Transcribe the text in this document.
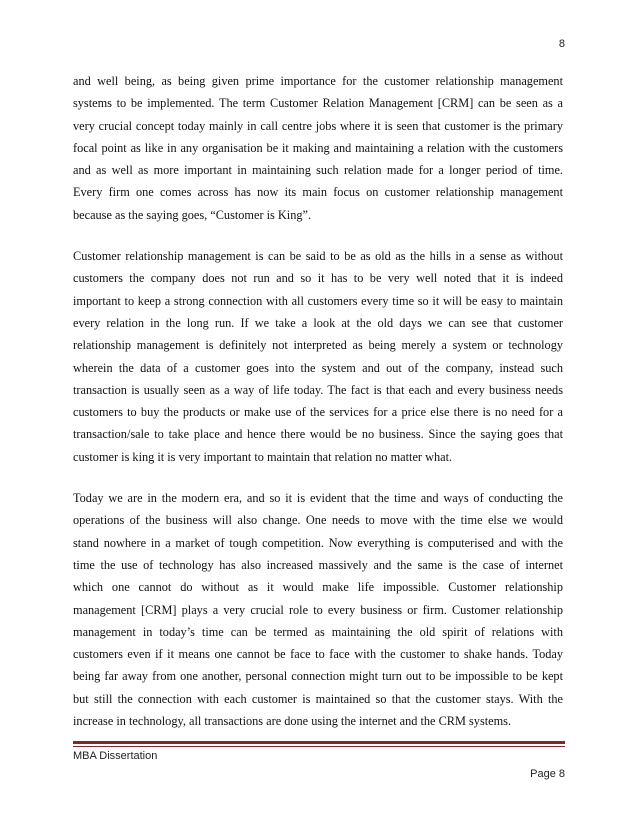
8

and well being, as being given prime importance for the customer relationship management
systems to be implemented. The term Customer Relation Management [CRM] can be seen as a
very crucial concept today mainly in call centre jobs where it is seen that customer is the primary
focal point as like in any organisation be it making and maintaining a relation with the customers
and as well as more important in maintaining such relation made for a longer period of time.
Every firm one comes across has now its main focus on customer relationship management
because as the saying goes, “Customer is King”.

Customer relationship management is can be said to be as old as the hills in a sense as without
customers the company does not run and so it has to be very well noted that it is indeed
important to keep a strong connection with all customers every time so it will be easy to maintain
every relation in the long run. If we take a look at the old days we can see that customer
relationship management is definitely not interpreted as being merely a system or technology
wherein the data of a customer goes into the system and out of the company, instead such
transaction is usually seen as a way of life today. The fact is that each and every business needs
customers to buy the products or make use of the services for a price else there is no need for a
transaction/sale to take place and hence there would be no business. Since the saying goes that
customer is king it is very important to maintain that relation no matter what.

Today we are in the modern era, and so it is evident that the time and ways of conducting the
operations of the business will also change. One needs to move with the time else we would
stand nowhere in a market of tough competition. Now everything is computerised and with the
time the use of technology has also increased massively and the same is the case of internet
which one cannot do without as it would make life impossible. Customer relationship
management [CRM] plays a very crucial role to every business or firm. Customer relationship
management in today’s time can be termed as maintaining the old spirit of relations with
customers even if it means one cannot be face to face with the customer to shake hands. Today
being far away from one another, personal connection might turn out to be impossible to be kept
but still the connection with each customer is maintained so that the customer stays. With the
increase in technology, all transactions are done using the internet and the CRM systems.

MBA Dissertation
Page 8
